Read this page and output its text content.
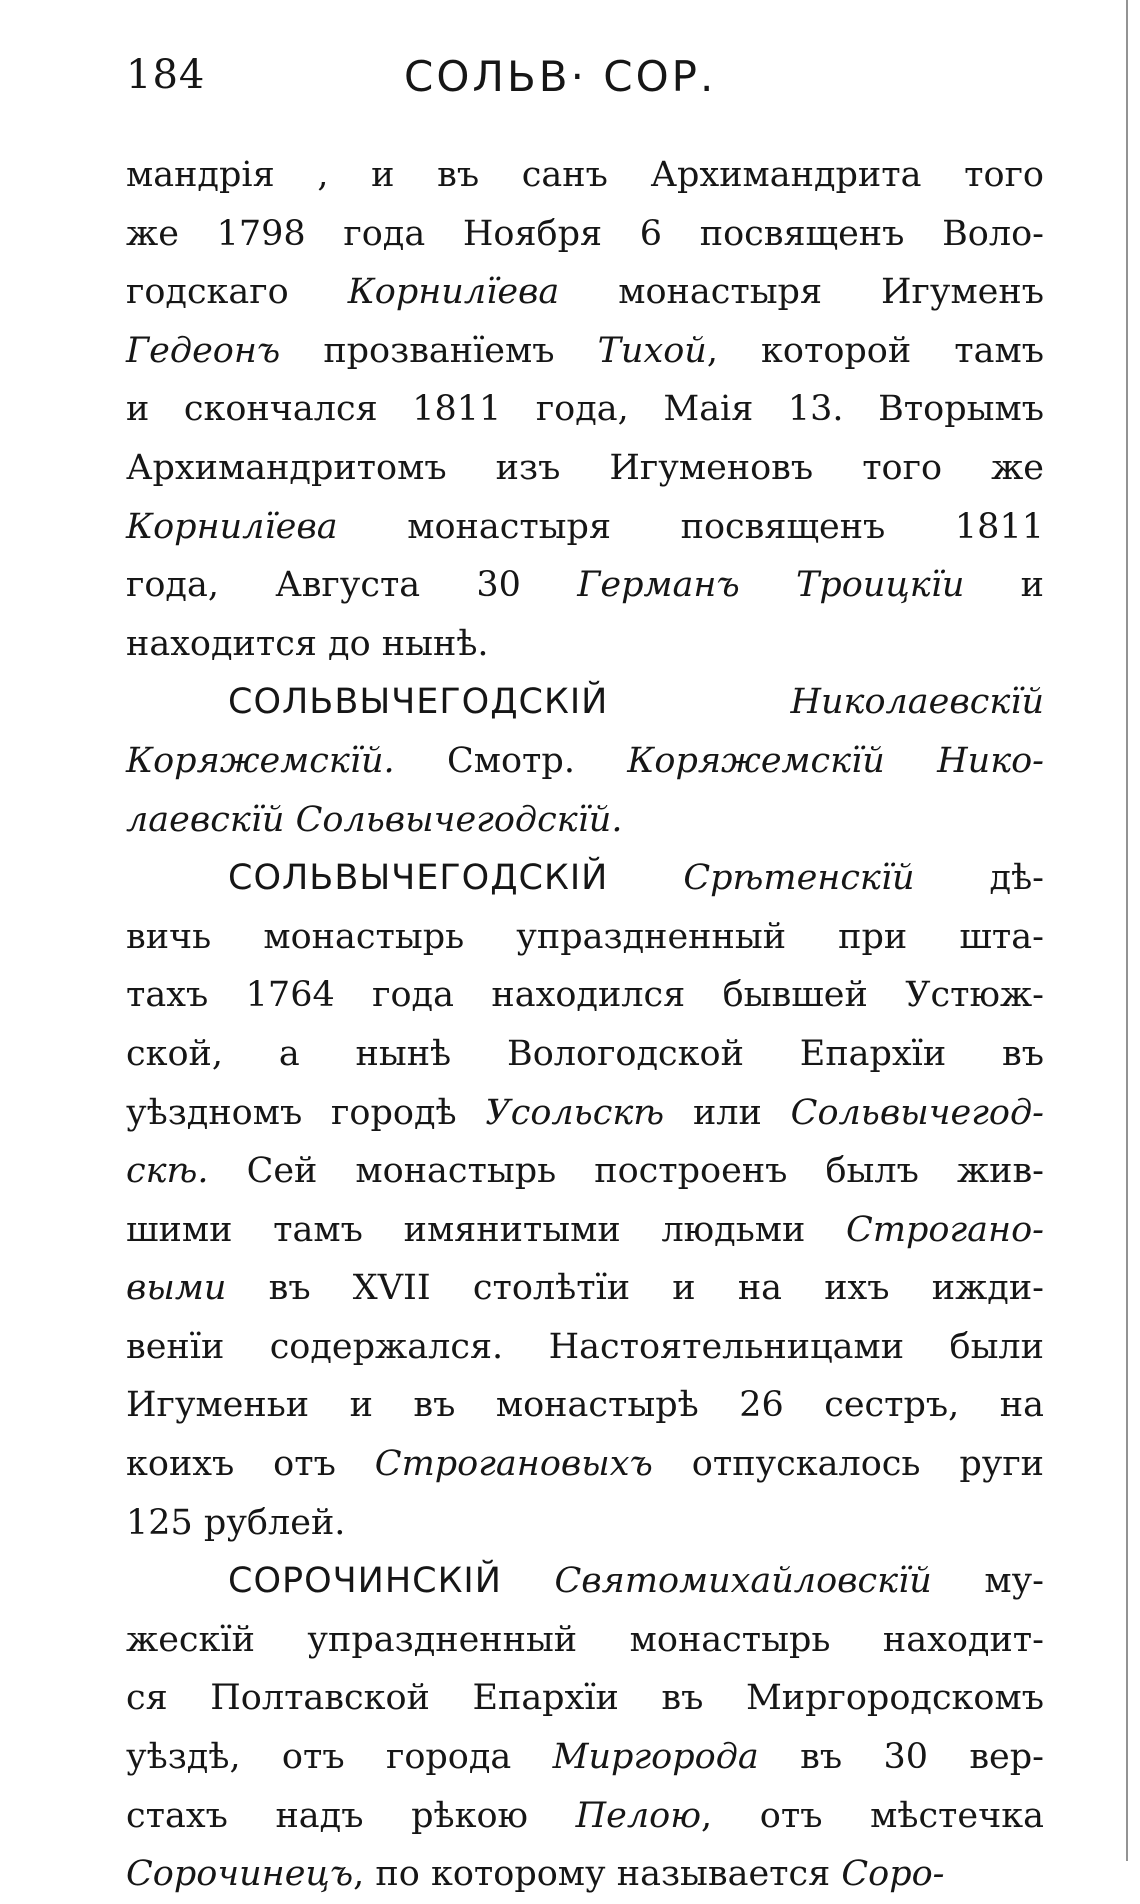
184	СОЛЬВ· СОР.
мандрія , и въ санъ Архимандрита того
же 1798 года Ноября 6 посвященъ Воло-
годскаго Корнилїева монастыря Игуменъ
Гедеонъ прозванїемъ Тихой, которой тамъ
и скончался 1811 года, Маія 13. Вторымъ
Архимандритомъ изъ Игуменовъ того же
Корнилїева монастыря посвященъ 1811
года, Августа 30 Германъ Троицкїи и
находится до нынѣ.
СОЛЬВЫЧЕГОДСКІЙ	Николаевскїй
Коряжемскїй. Смотр. Коряжемскїй Нико-
лаевскїй Сольвычегодскїй.
СОЛЬВЫЧЕГОДСКІЙ Срѣтенскїй дѣ-
вичь монастырь упраздненный при шта-
тахъ 1764 года находился бывшей Устюж-
ской, а нынѣ Вологодской Епархїи въ
уѣздномъ городѣ Усольскѣ или Сольвычегод-
скѣ. Сей монастырь построенъ былъ жив-
шими тамъ имянитыми людьми Строгано-
выми въ XVII столѣтїи и на ихъ ижди-
венїи содержался. Настоятельницами были
Игуменьи и въ монастырѣ 26 сестръ, на
коихъ отъ Строгановыхъ отпускалось руги
125 рублей.
СОРОЧИНСКІЙ Святомихайловскїй му-
жескїй упраздненный монастырь находит-
ся Полтавской Епархїи въ Миргородскомъ
уѣздѣ, отъ города Миргорода въ 30 вер-
стахъ надъ рѣкою Пелою, отъ мѣстечка
Сорочинецъ, по которому называется Соро-
